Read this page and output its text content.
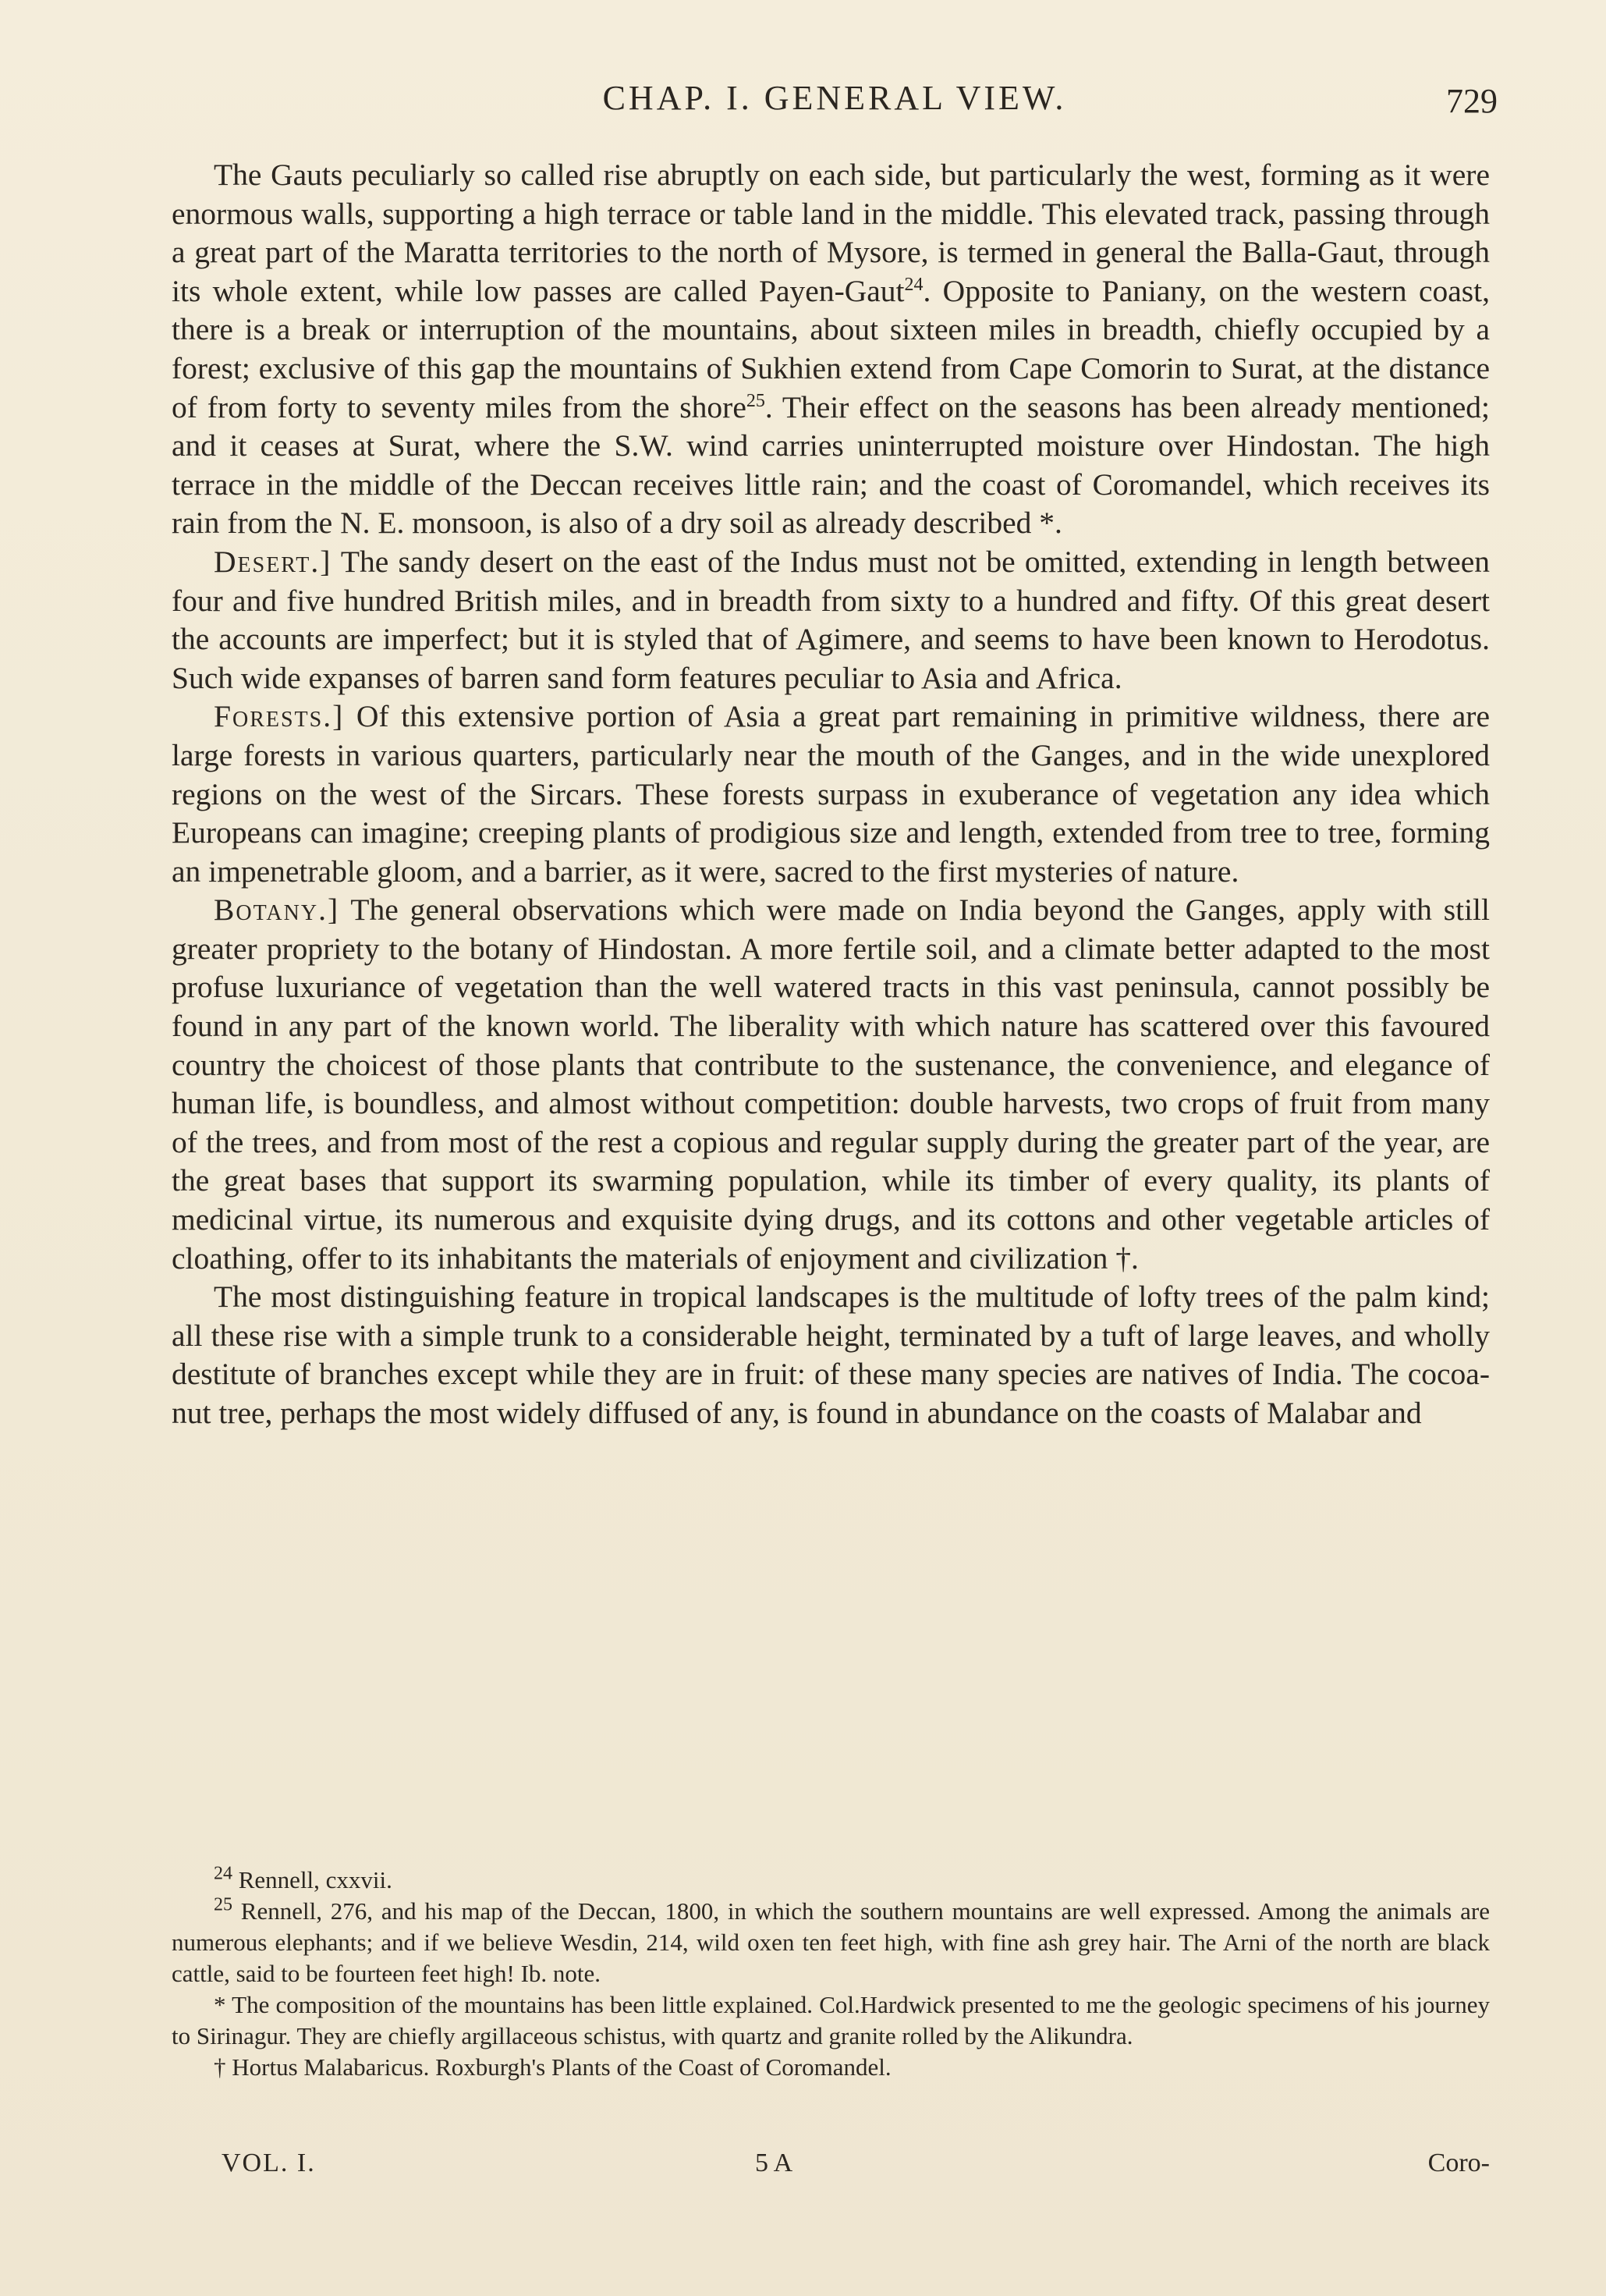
CHAP. I. GENERAL VIEW.	729

The Gauts peculiarly so called rise abruptly on each side, but particularly the west, forming as it were enormous walls, supporting a high terrace or table land in the middle. This elevated track, passing through a great part of the Maratta territories to the north of Mysore, is termed in general the Balla-Gaut, through its whole extent, while low passes are called Payen-Gaut$^{24}$. Opposite to Paniany, on the western coast, there is a break or interruption of the mountains, about sixteen miles in breadth, chiefly occupied by a forest; exclusive of this gap the mountains of Sukhien extend from Cape Comorin to Surat, at the distance of from forty to seventy miles from the shore$^{25}$. Their effect on the seasons has been already mentioned; and it ceases at Surat, where the S.W. wind carries uninterrupted moisture over Hindostan. The high terrace in the middle of the Deccan receives little rain; and the coast of Coromandel, which receives its rain from the N. E. monsoon, is also of a dry soil as already described *.

Desert.] The sandy desert on the east of the Indus must not be omitted, extending in length between four and five hundred British miles, and in breadth from sixty to a hundred and fifty. Of this great desert the accounts are imperfect; but it is styled that of Agimere, and seems to have been known to Herodotus. Such wide expanses of barren sand form features peculiar to Asia and Africa.

Forests.] Of this extensive portion of Asia a great part remaining in primitive wildness, there are large forests in various quarters, particularly near the mouth of the Ganges, and in the wide unexplored regions on the west of the Sircars. These forests surpass in exuberance of vegetation any idea which Europeans can imagine; creeping plants of prodigious size and length, extended from tree to tree, forming an impenetrable gloom, and a barrier, as it were, sacred to the first mysteries of nature.

Botany.] The general observations which were made on India beyond the Ganges, apply with still greater propriety to the botany of Hindostan. A more fertile soil, and a climate better adapted to the most profuse luxuriance of vegetation than the well watered tracts in this vast peninsula, cannot possibly be found in any part of the known world. The liberality with which nature has scattered over this favoured country the choicest of those plants that contribute to the sustenance, the convenience, and elegance of human life, is boundless, and almost without competition: double harvests, two crops of fruit from many of the trees, and from most of the rest a copious and regular supply during the greater part of the year, are the great bases that support its swarming population, while its timber of every quality, its plants of medicinal virtue, its numerous and exquisite dying drugs, and its cottons and other vegetable articles of cloathing, offer to its inhabitants the materials of enjoyment and civilization †.

The most distinguishing feature in tropical landscapes is the multitude of lofty trees of the palm kind; all these rise with a simple trunk to a considerable height, terminated by a tuft of large leaves, and wholly destitute of branches except while they are in fruit: of these many species are natives of India. The cocoa-nut tree, perhaps the most widely diffused of any, is found in abundance on the coasts of Malabar and

$^{24}$ Rennell, cxxvii.

$^{25}$ Rennell, 276, and his map of the Deccan, 1800, in which the southern mountains are well expressed. Among the animals are numerous elephants; and if we believe Wesdin, 214, wild oxen ten feet high, with fine ash grey hair. The Arni of the north are black cattle, said to be fourteen feet high! Ib. note.

* The composition of the mountains has been little explained. Col.Hardwick presented to me the geologic specimens of his journey to Sirinagur. They are chiefly argillaceous schistus, with quartz and granite rolled by the Alikundra.

† Hortus Malabaricus. Roxburgh's Plants of the Coast of Coromandel.

VOL. I.	5 A	Coro-
